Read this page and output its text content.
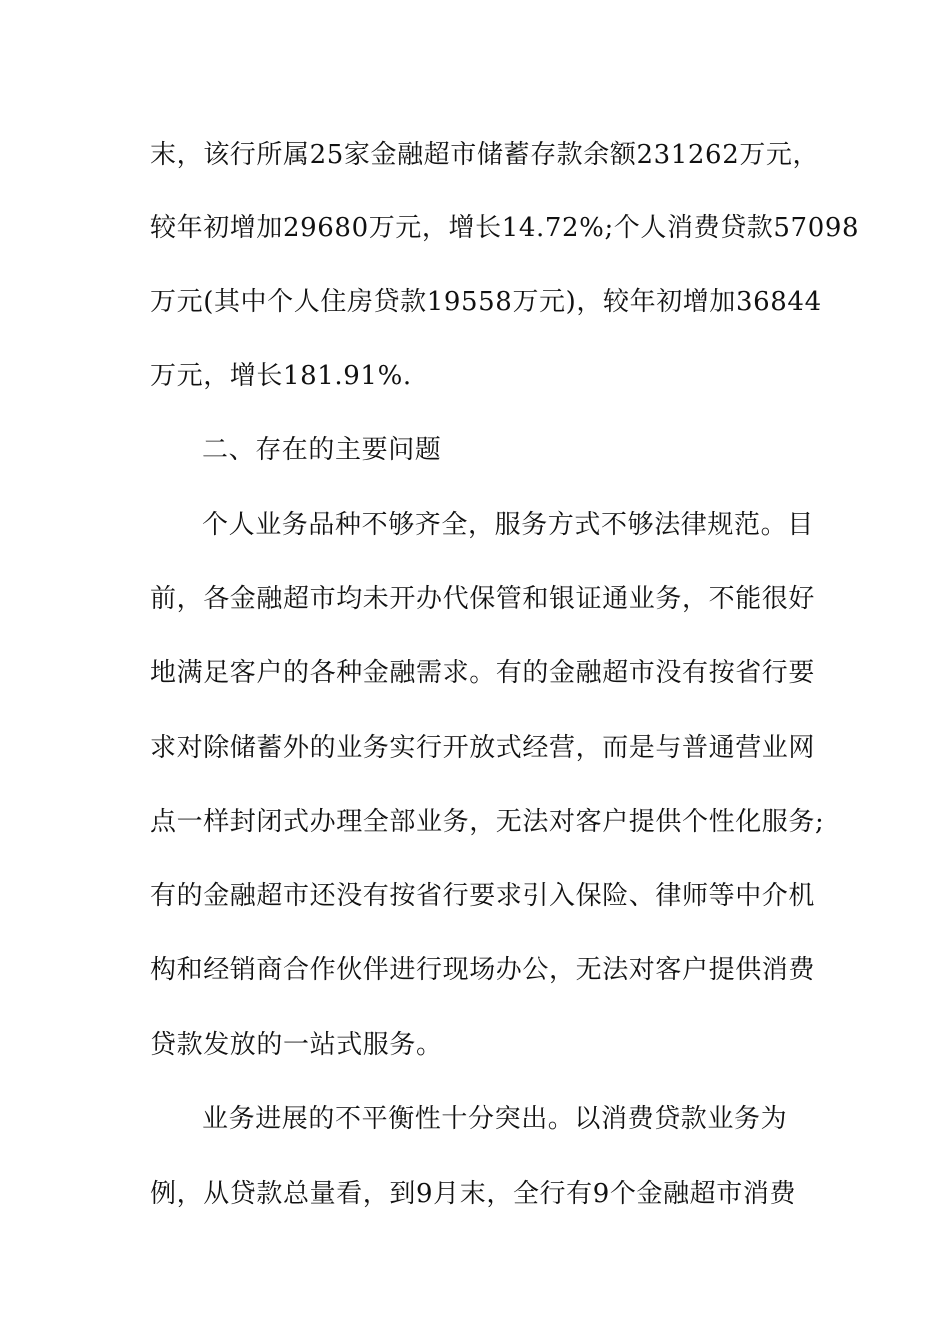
末，该行所属25家金融超市储蓄存款余额231262万元，
较年初增加29680万元，增长14.72%;个人消费贷款57098
万元(其中个人住房贷款19558万元)，较年初增加36844
万元，增长181.91%.
二、存在的主要问题
个人业务品种不够齐全，服务方式不够法律规范。目
前，各金融超市均未开办代保管和银证通业务，不能很好
地满足客户的各种金融需求。有的金融超市没有按省行要
求对除储蓄外的业务实行开放式经营，而是与普通营业网
点一样封闭式办理全部业务，无法对客户提供个性化服务;
有的金融超市还没有按省行要求引入保险、律师等中介机
构和经销商合作伙伴进行现场办公，无法对客户提供消费
贷款发放的一站式服务。
业务进展的不平衡性十分突出。以消费贷款业务为
例，从贷款总量看，到9月末，全行有9个金融超市消费
